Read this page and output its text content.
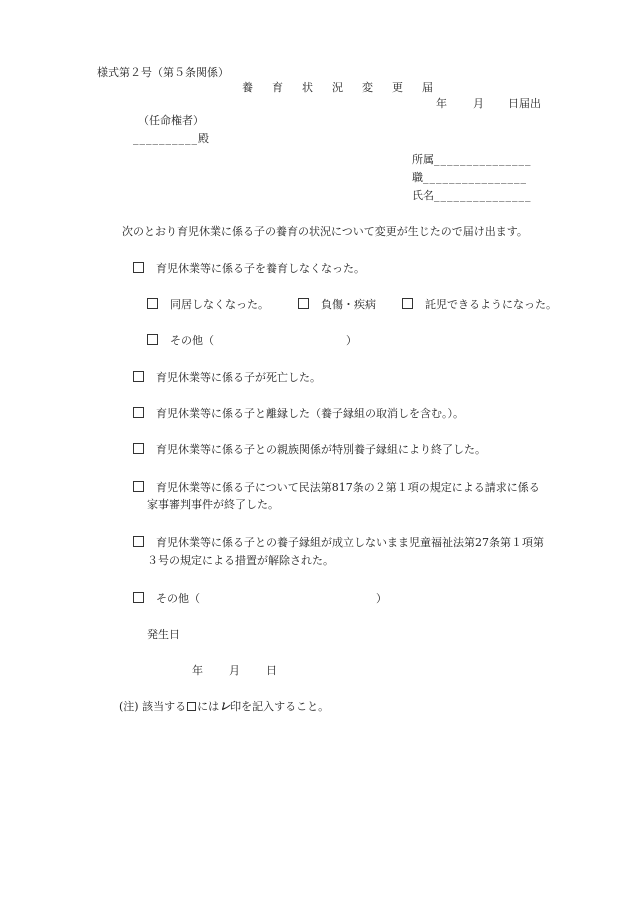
様式第２号（第５条関係）
養 育 状 況 変 更 届
年 月 日届出
（任命権者）
__________殿
所属_______________
職________________
氏名_______________
次のとおり育児休業に係る子の養育の状況について変更が生じたので届け出ます。
育児休業等に係る子を養育しなくなった。
同居しなくなった。	負傷・疾病	託児できるようになった。
その他（　　　　　　　　　　　　）
育児休業等に係る子が死亡した。
育児休業等に係る子と離縁した（養子縁組の取消しを含む。）。
育児休業等に係る子との親族関係が特別養子縁組により終了した。
育児休業等に係る子について民法第817条の２第１項の規定による請求に係る
家事審判事件が終了した。
育児休業等に係る子との養子縁組が成立しないまま児童福祉法第27条第１項第
３号の規定による措置が解除された。
その他（　　　　　　　　　　　　　　　　）
発生日
年 月 日
(注) 該当する にはレ印を記入すること。
